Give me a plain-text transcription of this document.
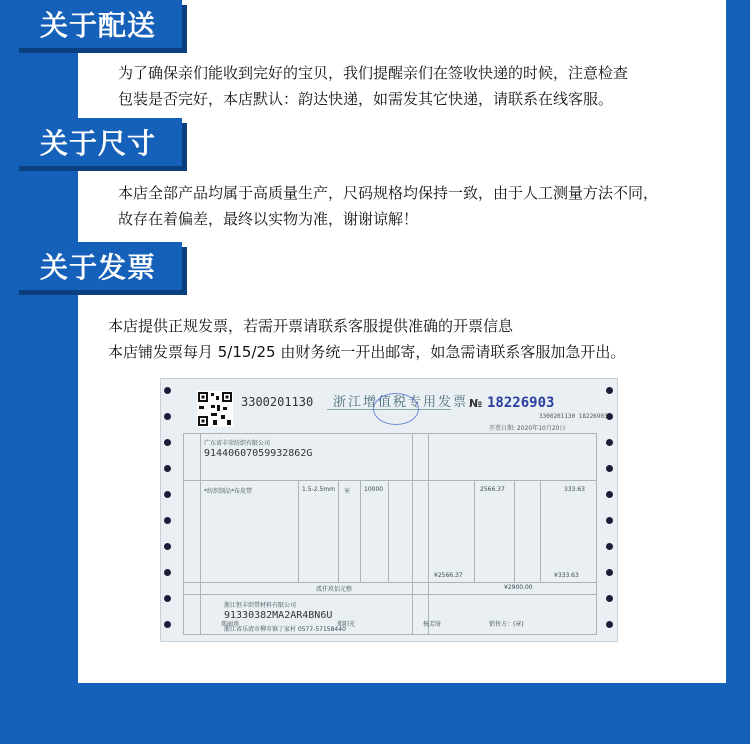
关于配送
为了确保亲们能收到完好的宝贝，我们提醒亲们在签收快递的时候，注意检查
包装是否完好，本店默认：韵达快递，如需发其它快递，请联系在线客服。
关于尺寸
本店全部产品均属于高质量生产，尺码规格均保持一致，由于人工测量方法不同，
故存在着偏差，最终以实物为准，谢谢谅解！
关于发票
本店提供正规发票，若需开票请联系客服提供准确的开票信息
本店铺发票每月 5/15/25 由财务统一开出邮寄，如急需请联系客服加急开出。
3300201130 浙江增值税专用发票 № 18226903
3300201130 18226903
开票日期: 2020年10月20日
广东省丰荣纺织有限公司
91440607059932862G
*纺织制品*布皮带	1.5-2.5mm 米 10000	2566.37	333.63
¥2566.37	¥333.63
贰仟玖佰元整	¥2900.00
浙江恒丰织带材料有限公司
91330382MA2AR4BN6U
浙江省乐清市柳市镇丁家村 0577-57158440
郑丽珍	郑阳光	杨芳绮	销售方：(章)
